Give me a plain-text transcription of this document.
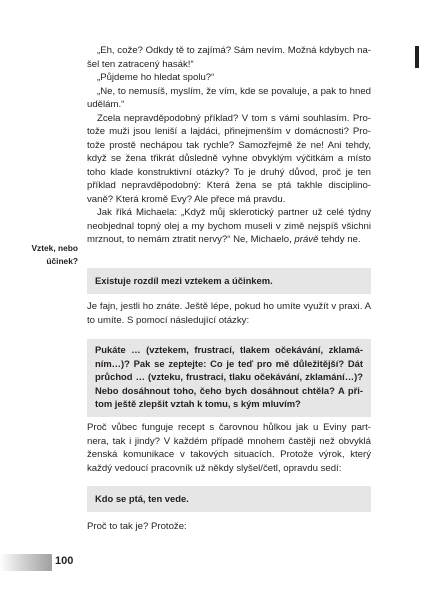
„Eh, cože? Odkdy tě to zajímá? Sám nevím. Možná kdybych na-šel ten zatracený hasák!“

„Půjdeme ho hledat spolu?“

„Ne, to nemusíš, myslím, že vím, kde se povaluje, a pak to hned udělám.“

Zcela nepravděpodobný příklad? V tom s vámi souhlasím. Pro-tože muži jsou leniší a lajdáci, přinejmenším v domácnosti? Pro-tože prostě nechápou tak rychle? Samozřejmě že ne! Ani tehdy, když se žena třikrát důsledně vyhne obvyklým výčitkám a místo toho klade konstruktivní otázky? To je druhý důvod, proč je ten příklad nepravděpodobný: Která žena se ptá takhle disciplino-vaně? Která kromě Evy? Ale přece má pravdu.

Jak říká Michaela: „Když můj sklerotický partner už celé týdny neobjednal topný olej a my bychom museli v zimě nejspíš všichni mrznout, to nemám ztratit nervy?“ Ne, Michaelo, právě tehdy ne.

Vztek, nebo účinek?
Existuje rozdíl mezi vztekem a účinkem.

Je fajn, jestli ho znáte. Ještě lépe, pokud ho umíte využít v praxi. A to umíte. S pomocí následující otázky:

Pukáte … (vztekem, frustrací, tlakem očekávání, zklamá-ním…)? Pak se zeptejte: Co je teď pro mě důležitější? Dát průchod … (vzteku, frustraci, tlaku očekávání, zklamání…)? Nebo dosáhnout toho, čeho bych dosáhnout chtěla? A při-tom ještě zlepšit vztah k tomu, s kým mluvím?

Proč vůbec funguje recept s čarovnou hůlkou jak u Eviny part-nera, tak i jindy? V každém případě mnohem častěji než obvyklá ženská komunikace v takových situacích. Protože výrok, který každý vedoucí pracovník už někdy slyšel/četl, opravdu sedí:

Kdo se ptá, ten vede.

Proč to tak je? Protože:

100
